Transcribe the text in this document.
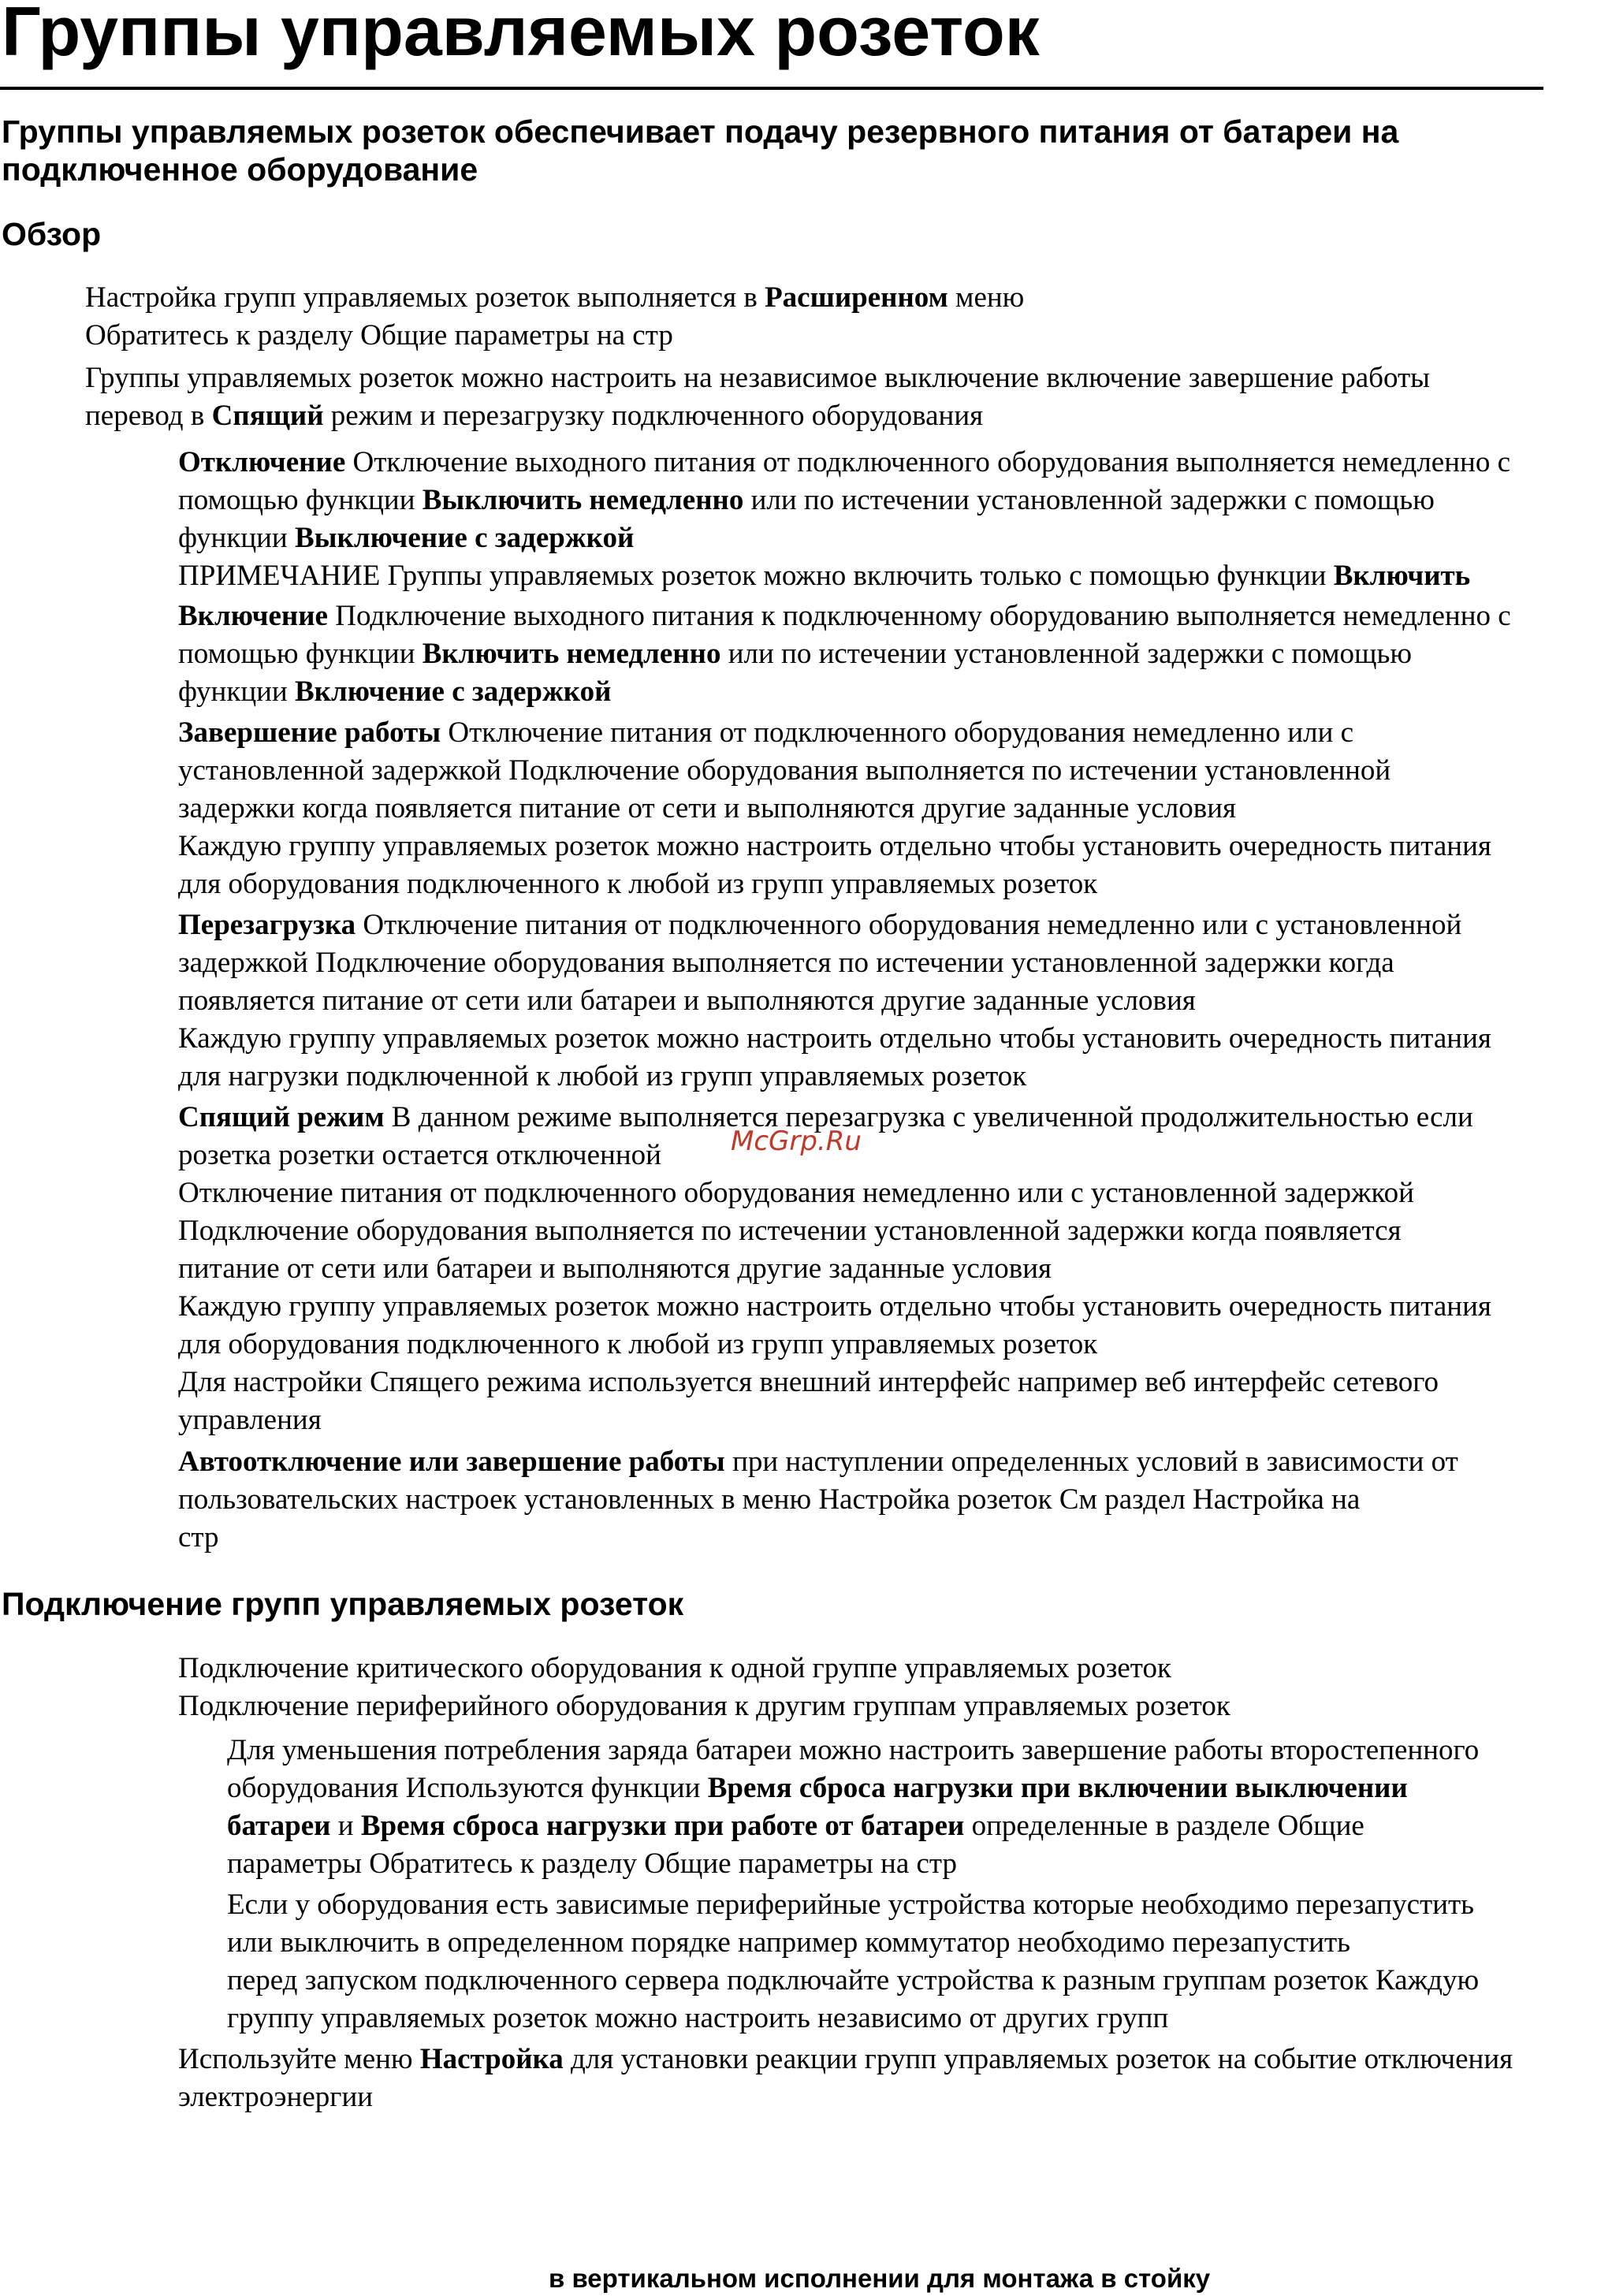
Группы управляемых розеток
Группы управляемых розеток обеспечивает подачу резервного питания от батареи на подключенное оборудование
Обзор
Настройка групп управляемых розеток выполняется в Расширенном меню
Обратитесь к разделу Общие параметры на стр
Группы управляемых розеток можно настроить на независимое выключение включение завершение работы
перевод в Спящий режим и перезагрузку подключенного оборудования
Отключение Отключение выходного питания от подключенного оборудования выполняется немедленно с
помощью функции Выключить немедленно или по истечении установленной задержки с помощью
функции Выключение с задержкой
ПРИМЕЧАНИЕ Группы управляемых розеток можно включить только с помощью функции Включить
Включение Подключение выходного питания к подключенному оборудованию выполняется немедленно с
помощью функции Включить немедленно или по истечении установленной задержки с помощью
функции Включение с задержкой
Завершение работы Отключение питания от подключенного оборудования немедленно или с
установленной задержкой Подключение оборудования выполняется по истечении установленной
задержки когда появляется питание от сети и выполняются другие заданные условия
Каждую группу управляемых розеток можно настроить отдельно чтобы установить очередность питания
для оборудования подключенного к любой из групп управляемых розеток
Перезагрузка Отключение питания от подключенного оборудования немедленно или с установленной
задержкой Подключение оборудования выполняется по истечении установленной задержки когда
появляется питание от сети или батареи и выполняются другие заданные условия
Каждую группу управляемых розеток можно настроить отдельно чтобы установить очередность питания
для нагрузки подключенной к любой из групп управляемых розеток
Спящий режим В данном режиме выполняется перезагрузка с увеличенной продолжительностью если
розетка розетки остается отключенной
Отключение питания от подключенного оборудования немедленно или с установленной задержкой
Подключение оборудования выполняется по истечении установленной задержки когда появляется
питание от сети или батареи и выполняются другие заданные условия
Каждую группу управляемых розеток можно настроить отдельно чтобы установить очередность питания
для оборудования подключенного к любой из групп управляемых розеток
Для настройки Спящего режима используется внешний интерфейс например веб интерфейс сетевого
управления
McGrp.Ru
Автоотключение или завершение работы при наступлении определенных условий в зависимости от
пользовательских настроек установленных в меню Настройка розеток См раздел Настройка на
стр
Подключение групп управляемых розеток
Подключение критического оборудования к одной группе управляемых розеток
Подключение периферийного оборудования к другим группам управляемых розеток
Для уменьшения потребления заряда батареи можно настроить завершение работы второстепенного
оборудования Используются функции Время сброса нагрузки при включении выключении
батареи и Время сброса нагрузки при работе от батареи определенные в разделе Общие
параметры Обратитесь к разделу Общие параметры на стр
Если у оборудования есть зависимые периферийные устройства которые необходимо перезапустить
или выключить в определенном порядке например коммутатор необходимо перезапустить
перед запуском подключенного сервера подключайте устройства к разным группам розеток Каждую
группу управляемых розеток можно настроить независимо от других групп
Используйте меню Настройка для установки реакции групп управляемых розеток на событие отключения
электроэнергии
в вертикальном исполнении для монтажа в стойку
